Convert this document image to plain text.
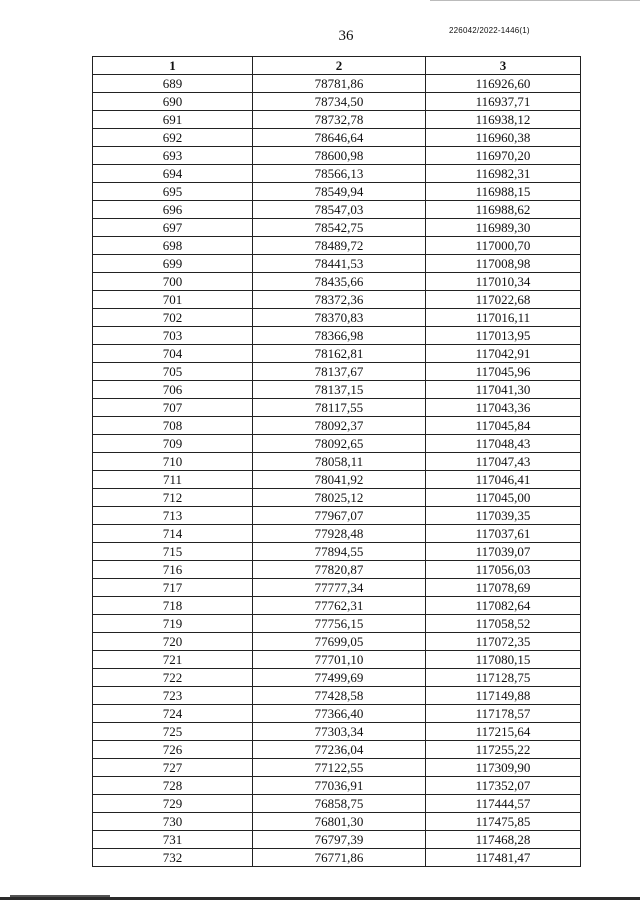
36	226042/2022-1446(1)
1	2	3
689	78781,86	116926,60
690	78734,50	116937,71
691	78732,78	116938,12
692	78646,64	116960,38
693	78600,98	116970,20
694	78566,13	116982,31
695	78549,94	116988,15
696	78547,03	116988,62
697	78542,75	116989,30
698	78489,72	117000,70
699	78441,53	117008,98
700	78435,66	117010,34
701	78372,36	117022,68
702	78370,83	117016,11
703	78366,98	117013,95
704	78162,81	117042,91
705	78137,67	117045,96
706	78137,15	117041,30
707	78117,55	117043,36
708	78092,37	117045,84
709	78092,65	117048,43
710	78058,11	117047,43
711	78041,92	117046,41
712	78025,12	117045,00
713	77967,07	117039,35
714	77928,48	117037,61
715	77894,55	117039,07
716	77820,87	117056,03
717	77777,34	117078,69
718	77762,31	117082,64
719	77756,15	117058,52
720	77699,05	117072,35
721	77701,10	117080,15
722	77499,69	117128,75
723	77428,58	117149,88
724	77366,40	117178,57
725	77303,34	117215,64
726	77236,04	117255,22
727	77122,55	117309,90
728	77036,91	117352,07
729	76858,75	117444,57
730	76801,30	117475,85
731	76797,39	117468,28
732	76771,86	117481,47
